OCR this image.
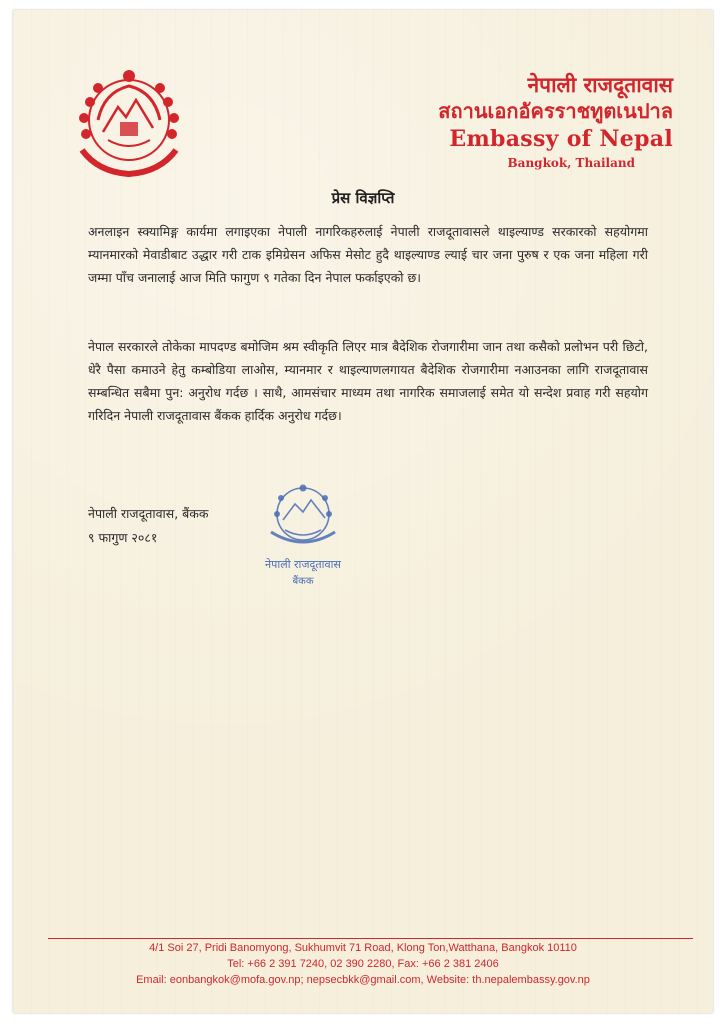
नेपाली राजदूतावास
สถานเอกอัครราชทูตเนปาล
Embassy of Nepal
Bangkok, Thailand
प्रेस विज्ञप्ति

अनलाइन स्क्यामिङ्ग कार्यमा लगाइएका नेपाली नागरिकहरुलाई नेपाली राजदूतावासले थाइल्याण्ड सरकारको सहयोगमा म्यानमारको मेवाडीबाट उद्धार गरी टाक इमिग्रेसन अफिस मेसोट हुदै थाइल्याण्ड ल्याई चार जना पुरुष र एक जना महिला गरी जम्मा पाँच जनालाई आज मिति फागुण ९ गतेका दिन नेपाल फर्काइएको छ।

नेपाल सरकारले तोकेका मापदण्ड बमोजिम श्रम स्वीकृति लिएर मात्र बैदेशिक रोजगारीमा जान तथा कसैको प्रलोभन परी छिटो, धेरै पैसा कमाउने हेतु कम्बोडिया लाओस, म्यानमार र थाइल्याणलगायत बैदेशिक रोजगारीमा नआउनका लागि राजदूतावास सम्बन्धित सबैमा पुन: अनुरोध गर्दछ । साथै, आमसंचार माध्यम तथा नागरिक समाजलाई समेत यो सन्देश प्रवाह गरी सहयोग गरिदिन नेपाली राजदूतावास बैंकक हार्दिक अनुरोध गर्दछ।

नेपाली राजदूतावास, बैंकक
९ फागुण २०८१
नेपाली राजदूतावास
बैंकक
4/1 Soi 27, Pridi Banomyong, Sukhumvit 71 Road, Klong Ton,Watthana, Bangkok 10110
Tel: +66 2 391 7240, 02 390 2280, Fax: +66 2 381 2406
Email: eonbangkok@mofa.gov.np; nepsecbkk@gmail.com, Website: th.nepalembassy.gov.np
